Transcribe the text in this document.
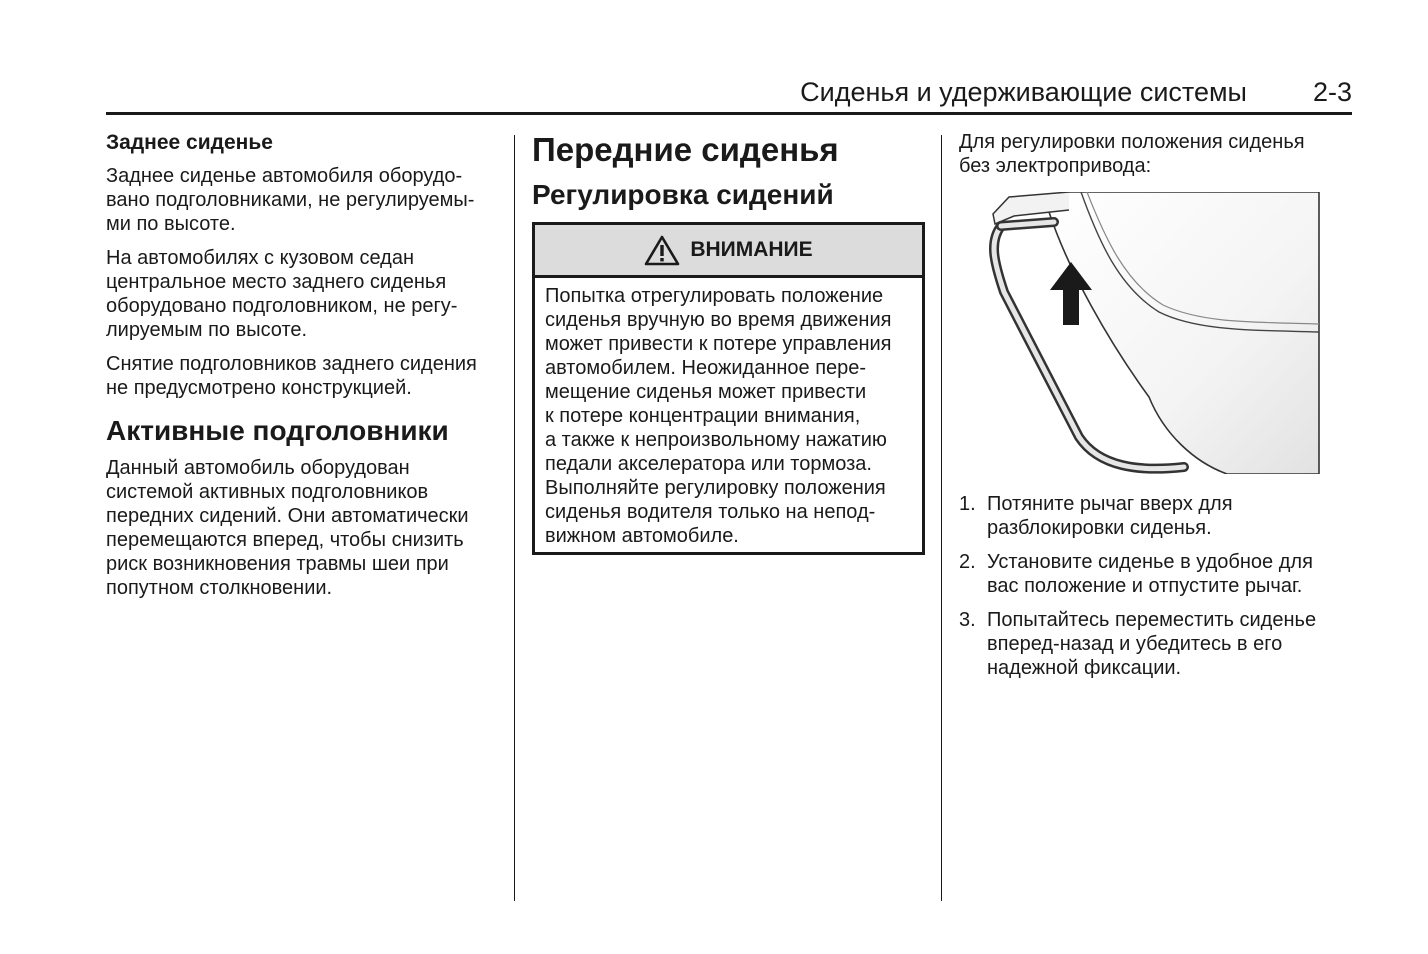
Сиденья и удерживающие системы 2-3
Заднее сиденье

Заднее сиденье автомобиля оборудо-
вано подголовниками, не регулируемы-
ми по высоте.

На автомобилях с кузовом седан
центральное место заднего сиденья
оборудовано подголовником, не регу-
лируемым по высоте.

Снятие подголовников заднего сидения
не предусмотрено конструкцией.

Активные подголовники

Данный автомобиль оборудован
системой активных подголовников
передних сидений. Они автоматически
перемещаются вперед, чтобы снизить
риск возникновения травмы шеи при
попутном столкновении.

Передние сиденья
Регулировка сидений
ВНИМАНИЕ
Попытка отрегулировать положение
сиденья вручную во время движения
может привести к потере управления
автомобилем. Неожиданное пере-
мещение сиденья может привести
к потере концентрации внимания,
а также к непроизвольному нажатию
педали акселератора или тормоза.
Выполняйте регулировку положения
сиденья водителя только на непод-
вижном автомобиле.

Для регулировки положения сиденья
без электропривода:

1. Потяните рычаг вверх для
разблокировки сиденья.
2. Установите сиденье в удобное для
вас положение и отпустите рычаг.
3. Попытайтесь переместить сиденье
вперед-назад и убедитесь в его
надежной фиксации.
